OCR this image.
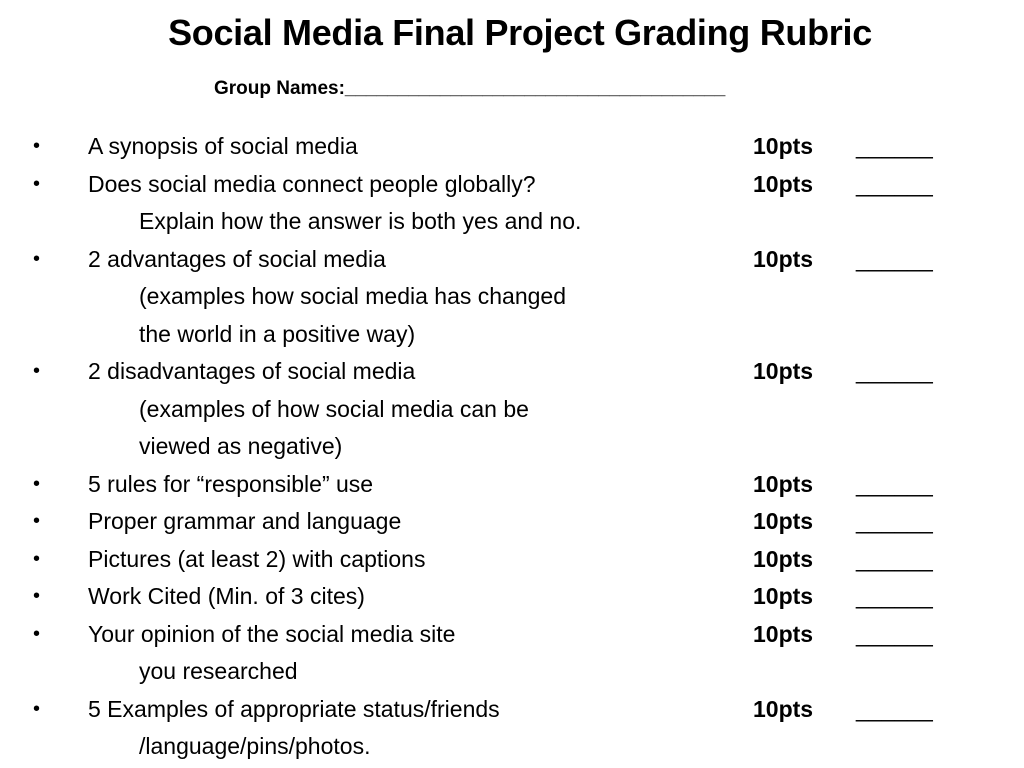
Social Media Final Project Grading Rubric
Group Names:____________________________________
• A synopsis of social media	10pts ______
• Does social media connect people globally?	10pts ______
Explain how the answer is both yes and no.
• 2 advantages of social media	10pts ______
(examples how social media has changed
the world in a positive way)
• 2 disadvantages of social media	10pts ______
(examples of how social media can be
viewed as negative)
• 5 rules for “responsible” use	10pts ______
• Proper grammar and language	10pts ______
• Pictures (at least 2) with captions	10pts ______
• Work Cited (Min. of 3 cites)	10pts ______
• Your opinion of the social media site	10pts ______
you researched
• 5 Examples of appropriate status/friends	10pts ______
/language/pins/photos.
